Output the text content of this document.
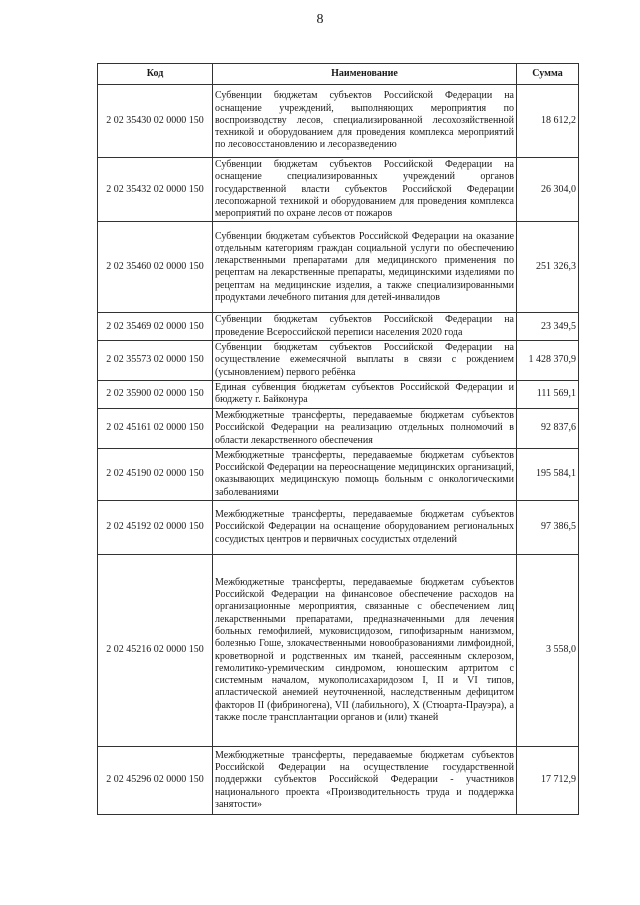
8
Код	Наименование	Сумма
2 02 35430 02 0000 150	Субвенции бюджетам субъектов Российской Федерации на оснащение учреждений, выполняющих мероприятия по воспроизводству лесов, специализированной лесохозяйственной техникой и оборудованием для проведения комплекса мероприятий по лесовосстановлению и лесоразведению	18 612,2
2 02 35432 02 0000 150	Субвенции бюджетам субъектов Российской Федерации на оснащение специализированных учреждений органов государственной власти субъектов Российской Федерации лесопожарной техникой и оборудованием для проведения комплекса мероприятий по охране лесов от пожаров	26 304,0
2 02 35460 02 0000 150	Субвенции бюджетам субъектов Российской Федерации на оказание отдельным категориям граждан социальной услуги по обеспечению лекарственными препаратами для медицинского применения по рецептам на лекарственные препараты, медицинскими изделиями по рецептам на медицинские изделия, а также специализированными продуктами лечебного питания для детей-инвалидов	251 326,3
2 02 35469 02 0000 150	Субвенции бюджетам субъектов Российской Федерации на проведение Всероссийской переписи населения 2020 года	23 349,5
2 02 35573 02 0000 150	Субвенции бюджетам субъектов Российской Федерации на осуществление ежемесячной выплаты в связи с рождением (усыновлением) первого ребёнка	1 428 370,9
2 02 35900 02 0000 150	Единая субвенция бюджетам субъектов Российской Федерации и бюджету г. Байконура	111 569,1
2 02 45161 02 0000 150	Межбюджетные трансферты, передаваемые бюджетам субъектов Российской Федерации на реализацию отдельных полномочий в области лекарственного обеспечения	92 837,6
2 02 45190 02 0000 150	Межбюджетные трансферты, передаваемые бюджетам субъектов Российской Федерации на переоснащение медицинских организаций, оказывающих медицинскую помощь больным с онкологическими заболеваниями	195 584,1
2 02 45192 02 0000 150	Межбюджетные трансферты, передаваемые бюджетам субъектов Российской Федерации на оснащение оборудованием региональных сосудистых центров и первичных сосудистых отделений	97 386,5
2 02 45216 02 0000 150	Межбюджетные трансферты, передаваемые бюджетам субъектов Российской Федерации на финансовое обеспечение расходов на организационные мероприятия, связанные с обеспечением лиц лекарственными препаратами, предназначенными для лечения больных гемофилией, муковисцидозом, гипофизарным нанизмом, болезнью Гоше, злокачественными новообразованиями лимфоидной, кроветворной и родственных им тканей, рассеянным склерозом, гемолитико-уремическим синдромом, юношеским артритом с системным началом, мукополисахаридозом I, II и VI типов, апластической анемией неуточненной, наследственным дефицитом факторов II (фибриногена), VII (лабильного), X (Стюарта-Прауэра), а также после трансплантации органов и (или) тканей	3 558,0
2 02 45296 02 0000 150	Межбюджетные трансферты, передаваемые бюджетам субъектов Российской Федерации на осуществление государственной поддержки субъектов Российской Федерации - участников национального проекта «Производительность труда и поддержка занятости»	17 712,9
